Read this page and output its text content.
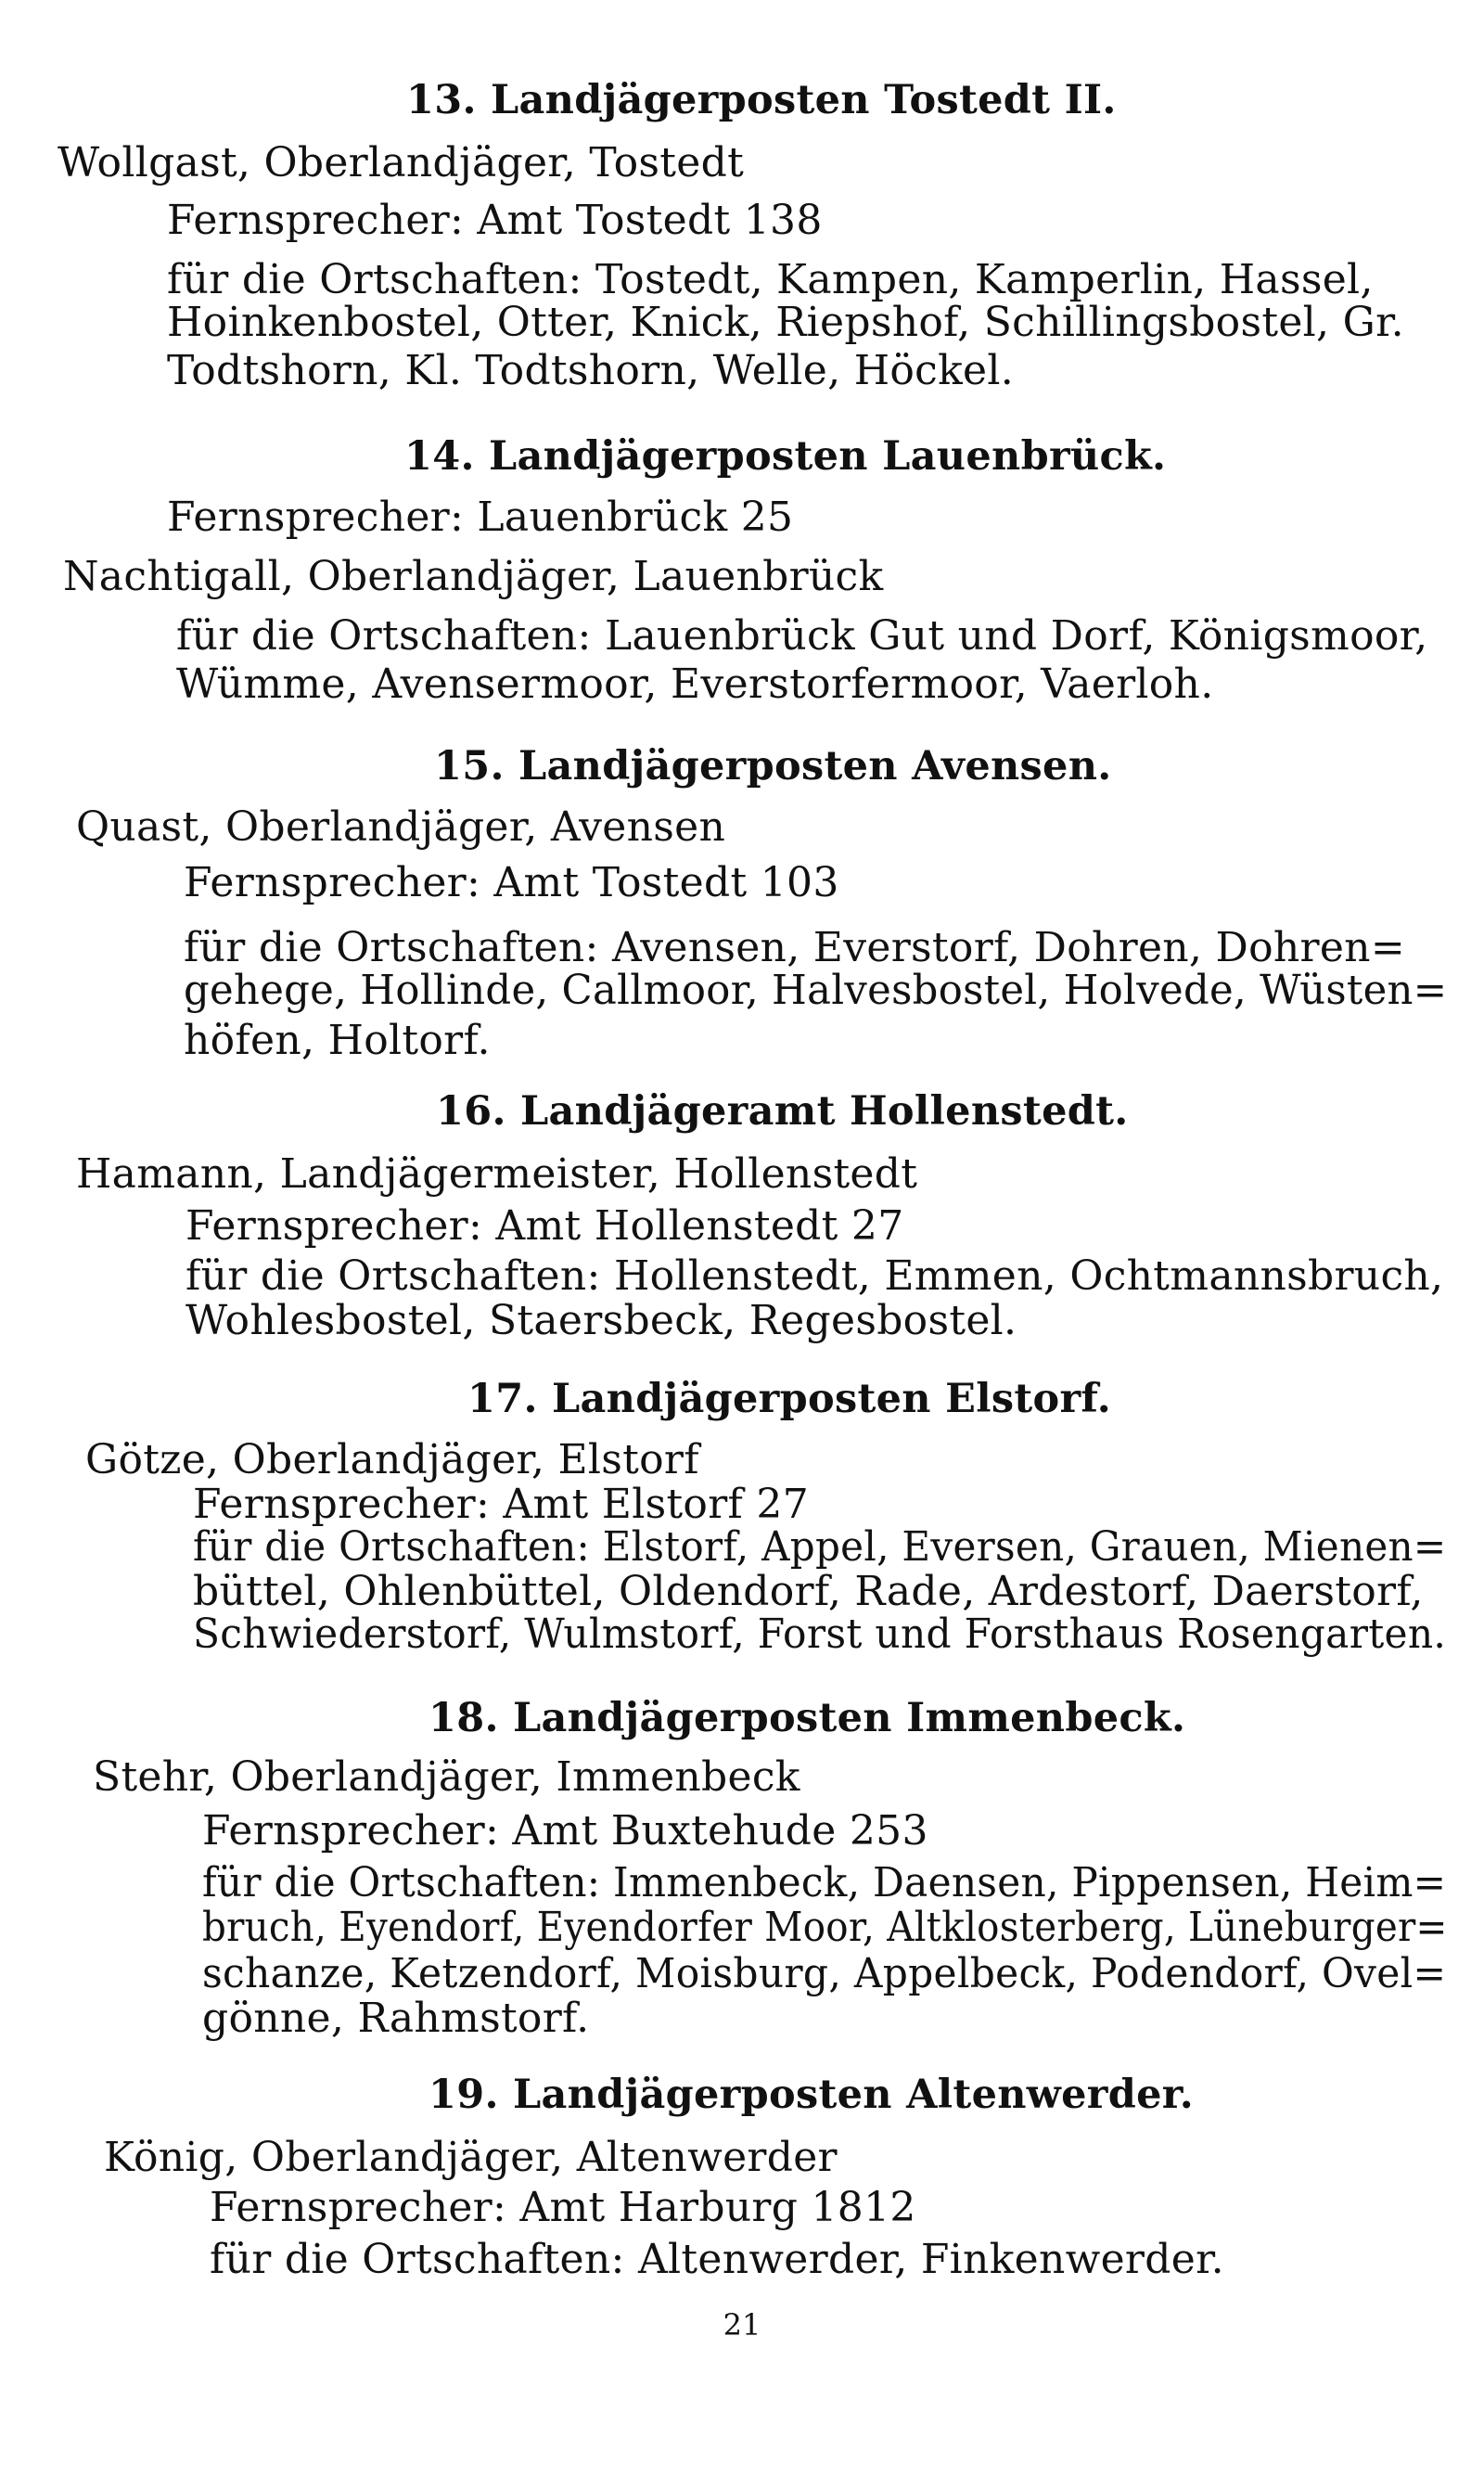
13. Landjägerposten Tostedt II.
Wollgast, Oberlandjäger, Tostedt
Fernsprecher: Amt Tostedt 138
für die Ortschaften: Tostedt, Kampen, Kamperlin, Hassel,
Hoinkenbostel, Otter, Knick, Riepshof, Schillingsbostel, Gr.
Todtshorn, Kl. Todtshorn, Welle, Höckel.
14. Landjägerposten Lauenbrück.
Fernsprecher: Lauenbrück 25
Nachtigall, Oberlandjäger, Lauenbrück
für die Ortschaften: Lauenbrück Gut und Dorf, Königsmoor,
Wümme, Avensermoor, Everstorfermoor, Vaerloh.
15. Landjägerposten Avensen.
Quast, Oberlandjäger, Avensen
Fernsprecher: Amt Tostedt 103
für die Ortschaften: Avensen, Everstorf, Dohren, Dohren=
gehege, Hollinde, Callmoor, Halvesbostel, Holvede, Wüsten=
höfen, Holtorf.
16. Landjägeramt Hollenstedt.
Hamann, Landjägermeister, Hollenstedt
Fernsprecher: Amt Hollenstedt 27
für die Ortschaften: Hollenstedt, Emmen, Ochtmannsbruch,
Wohlesbostel, Staersbeck, Regesbostel.
17. Landjägerposten Elstorf.
Götze, Oberlandjäger, Elstorf
Fernsprecher: Amt Elstorf 27
für die Ortschaften: Elstorf, Appel, Eversen, Grauen, Mienen=
büttel, Ohlenbüttel, Oldendorf, Rade, Ardestorf, Daerstorf,
Schwiederstorf, Wulmstorf, Forst und Forsthaus Rosengarten.
18. Landjägerposten Immenbeck.
Stehr, Oberlandjäger, Immenbeck
Fernsprecher: Amt Buxtehude 253
für die Ortschaften: Immenbeck, Daensen, Pippensen, Heim=
bruch, Eyendorf, Eyendorfer Moor, Altklosterberg, Lüneburger=
schanze, Ketzendorf, Moisburg, Appelbeck, Podendorf, Ovel=
gönne, Rahmstorf.
19. Landjägerposten Altenwerder.
König, Oberlandjäger, Altenwerder
Fernsprecher: Amt Harburg 1812
für die Ortschaften: Altenwerder, Finkenwerder.
21
